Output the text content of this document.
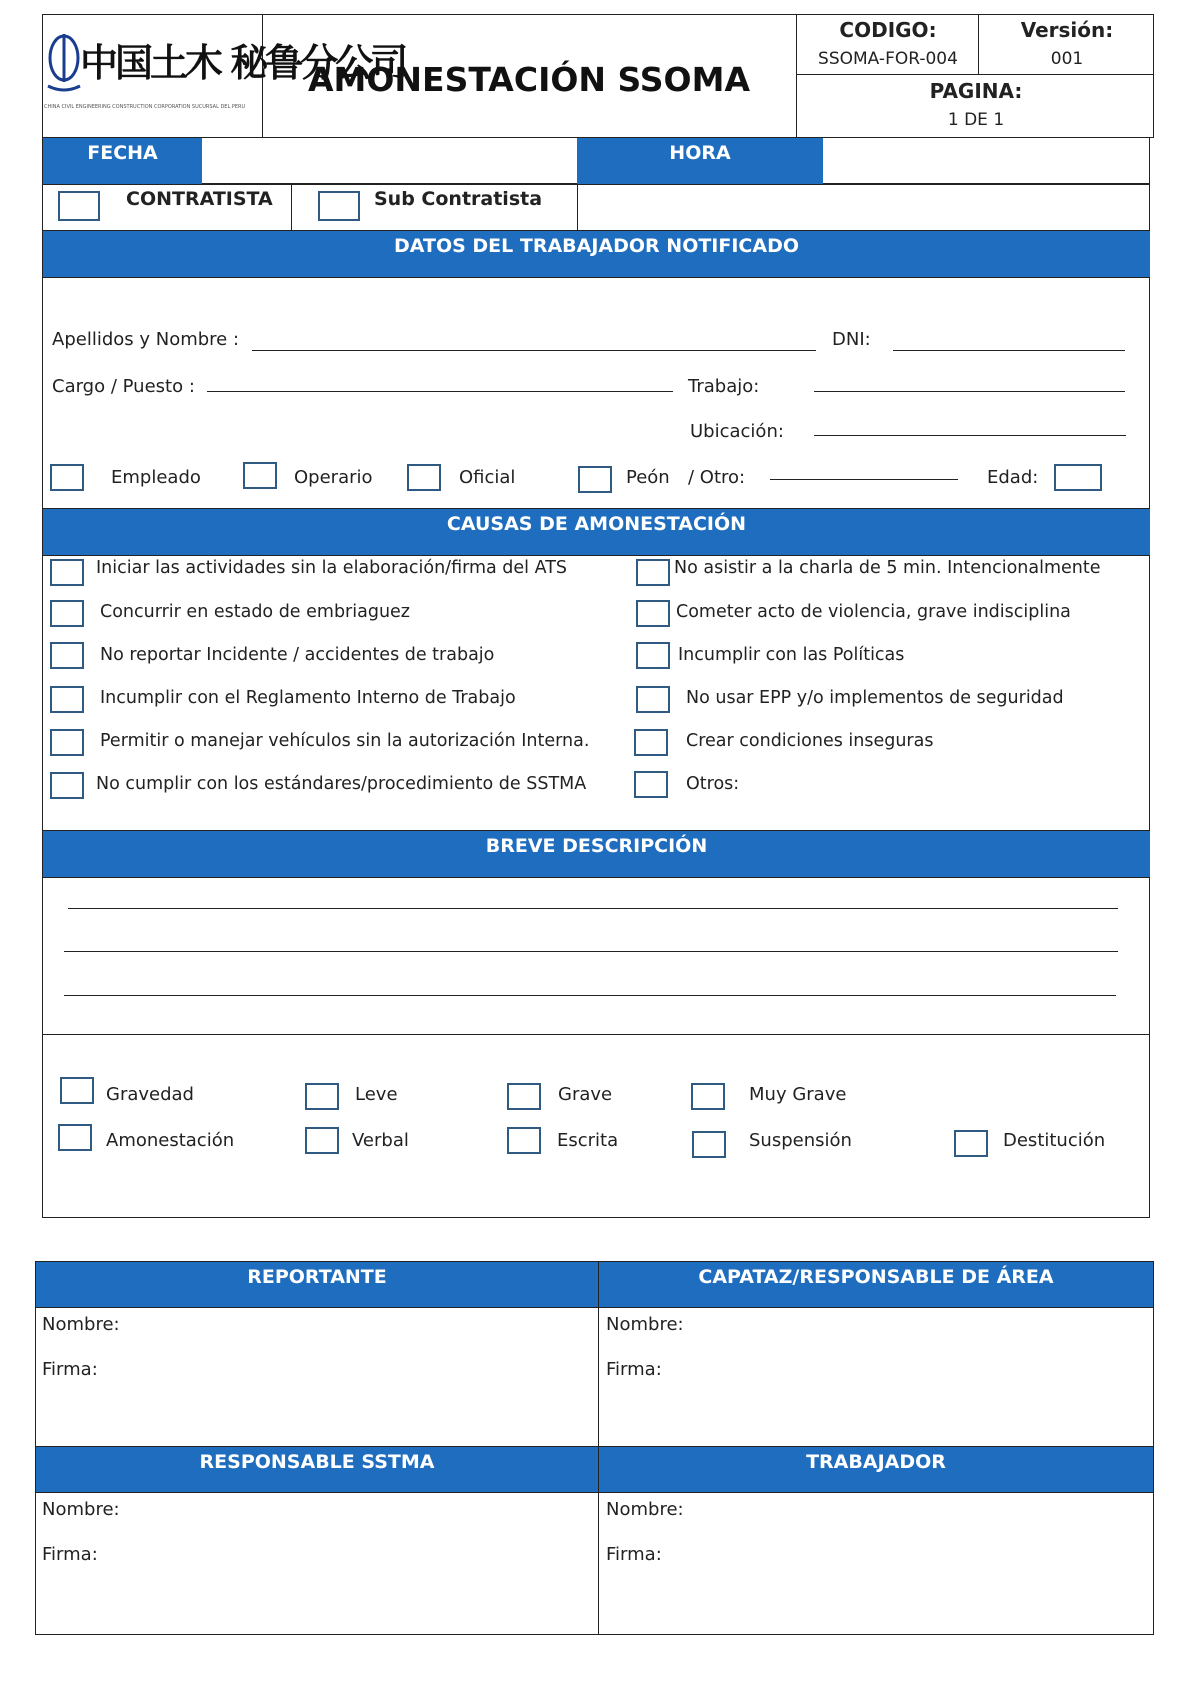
中国土木 秘鲁分公司
CHINA CIVIL ENGINEERING CONSTRUCTION CORPORATION SUCURSAL DEL PERÚ
AMONESTACIÓN SSOMA
CODIGO:
SSOMA-FOR-004
Versión:
001
PAGINA:
1 DE 1
FECHA	HORA
CONTRATISTA	Sub Contratista
DATOS DEL TRABAJADOR NOTIFICADO
Apellidos y Nombre :	DNI:
Cargo / Puesto :	Trabajo:
Ubicación:
Empleado	Operario	Oficial	Peón / Otro:	Edad:
CAUSAS DE AMONESTACIÓN
Iniciar las actividades sin la elaboración/firma del ATS
Concurrir en estado de embriaguez
No reportar Incidente / accidentes de trabajo
Incumplir con el Reglamento Interno de Trabajo
Permitir o manejar vehículos sin la autorización Interna.
No cumplir con los estándares/procedimiento de SSTMA
No asistir a la charla de 5 min. Intencionalmente
Cometer acto de violencia, grave indisciplina
Incumplir con las Políticas
No usar EPP y/o implementos de seguridad
Crear condiciones inseguras
Otros:
BREVE DESCRIPCIÓN
Gravedad	Leve	Grave	Muy Grave
Amonestación	Verbal	Escrita	Suspensión	Destitución
REPORTANTE	CAPATAZ/RESPONSABLE DE ÁREA
Nombre:
Firma:
Nombre:
Firma:
RESPONSABLE SSTMA	TRABAJADOR
Nombre:
Firma:
Nombre:
Firma:
